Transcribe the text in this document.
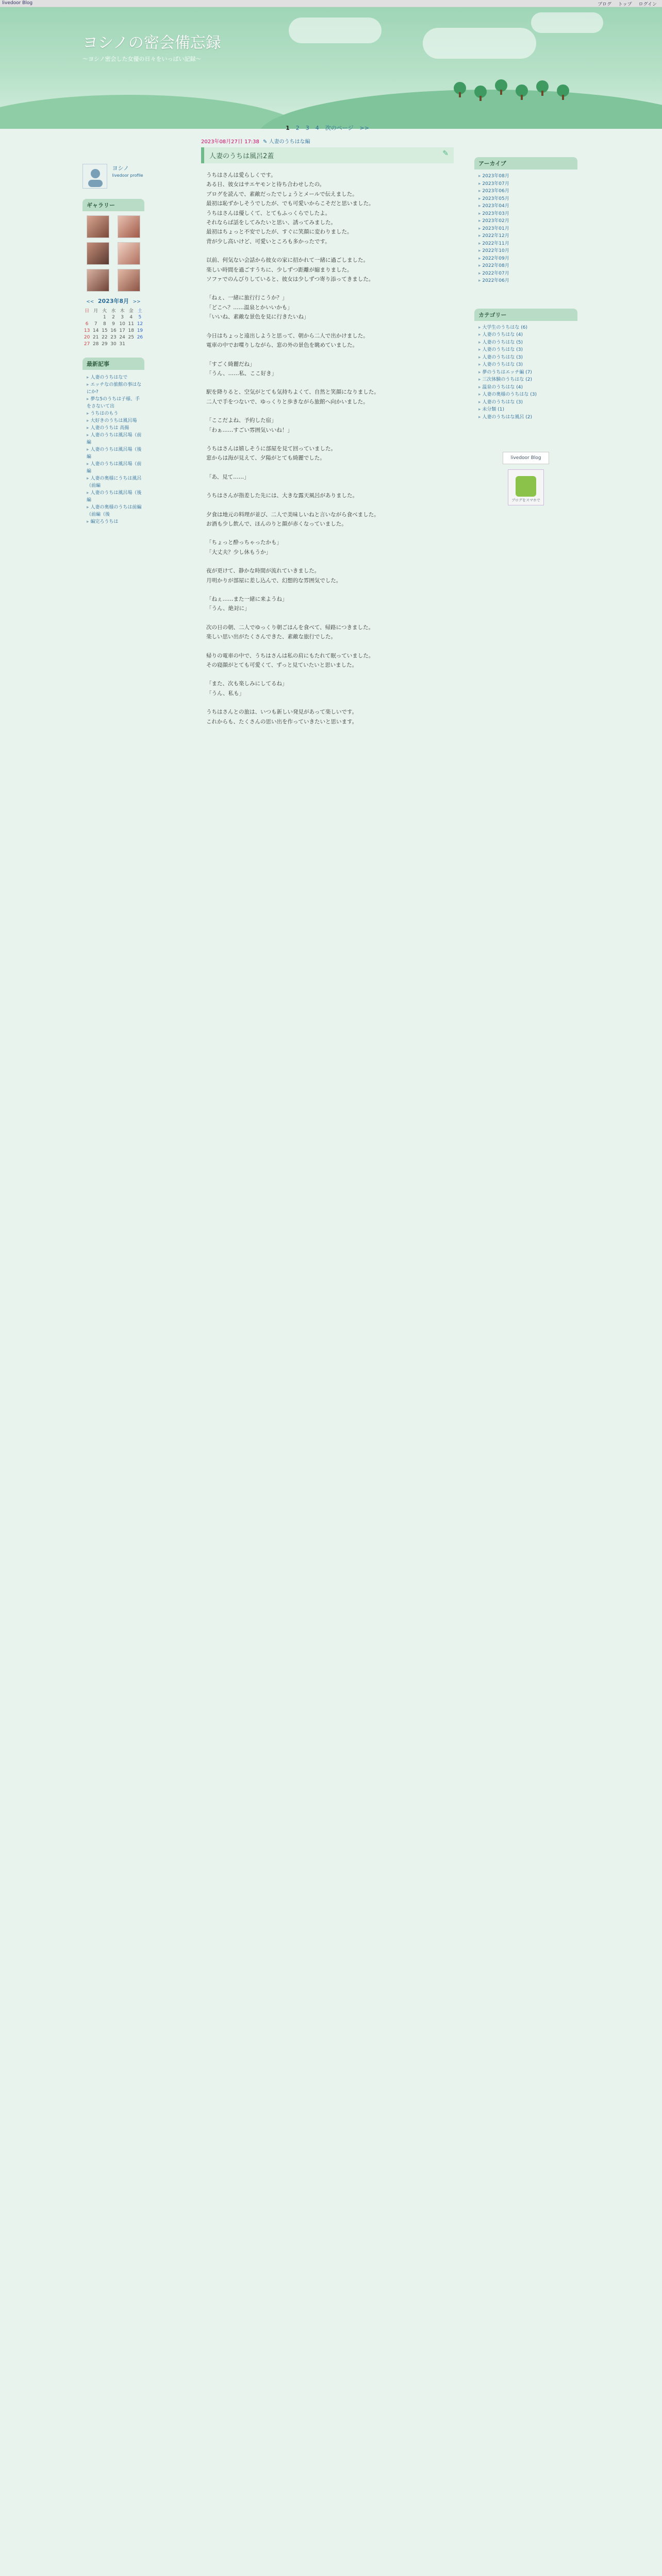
livedoor Blog	ブログ トップ ログイン
ヨシノの密会備忘録
～ヨシノ密会した女優の日々をいっぱい記録～
ヨシノ
livedoor profile
ギャラリー
<< 2023年8月 >>
日	月	火	水	木	金	土
		1	2	3	4	5
6	7	8	9	10	11	12
13	14	15	16	17	18	19
20	21	22	23	24	25	26
27	28	29	30	31		
最新記事
▸ 人妻のうちはなで
▸ エッチなの旅館の事はなにか?
▸ 夢な5のうちは子様、手をさないて出
▸ うちはのもう
▸ 大好きのうちは風呂場
▸ 人妻のうちは 高揚
▸ 人妻のうちは風呂場（前編
▸ 人妻のうちは風呂場（後編
▸ 人妻のうちは風呂場（前編
▸ 人妻の奥様にうちは風呂（前編
▸ 人妻のうちは風呂場（後編
▸ 人妻の奥様のうちは前編（前編（後
▸ 編完ろうちは
1 2 3 4 次のページ >>
2023年08月27日 17:38 ✎ 人妻のうちはな編
人妻のうちは風呂2蓋	✎

うちはさんは愛らしくです。
ある日、彼女はサエヤモンと待ち合わせしたの。
ブログを読んで、素敵だったでしょうとメールで伝えました。
最初は恥ずかしそうでしたが、でも可愛いからこそだと思いました。
うちはさんは優しくて、とてもふっくらでしたよ。
それならば話をしてみたいと思い、誘ってみました。
最初はちょっと不安でしたが、すぐに笑顔に変わりました。
背が少し高いけど、可愛いところも多かったです。

以前、何気ない会話から彼女の家に招かれて一緒に過ごしました。
楽しい時間を過ごすうちに、少しずつ距離が縮まりました。
ソファでのんびりしていると、彼女は少しずつ寄り添ってきました。

「ねぇ、一緒に旅行行こうか？」
「どこへ？……温泉とかいいかも」
「いいね、素敵な景色を見に行きたいね」

今日はちょっと遠出しようと思って、朝から二人で出かけました。
電車の中でお喋りしながら、窓の外の景色を眺めていました。

「すごく綺麗だね」
「うん、……私、ここ好き」

駅を降りると、空気がとても気持ちよくて、自然と笑顔になりました。
二人で手をつないで、ゆっくりと歩きながら旅館へ向かいました。

「ここだよね、予約した宿」
「わぁ……すごい雰囲気いいね！」

うちはさんは嬉しそうに部屋を見て回っていました。
窓からは海が見えて、夕陽がとても綺麗でした。

「あ、見て……」

うちはさんが指差した先には、大きな露天風呂がありました。

夕食は地元の料理が並び、二人で美味しいねと言いながら食べました。
お酒も少し飲んで、ほんのりと顔が赤くなっていました。

「ちょっと酔っちゃったかも」
「大丈夫？少し休もうか」

夜が更けて、静かな時間が流れていきました。
月明かりが部屋に差し込んで、幻想的な雰囲気でした。

「ねぇ……また一緒に来ようね」
「うん、絶対に」

次の日の朝、二人でゆっくり朝ごはんを食べて、帰路につきました。
楽しい思い出がたくさんできた、素敵な旅行でした。

帰りの電車の中で、うちはさんは私の肩にもたれて眠っていました。
その寝顔がとても可愛くて、ずっと見ていたいと思いました。

「また、次も楽しみにしてるね」
「うん、私も」

うちはさんとの旅は、いつも新しい発見があって楽しいです。
これからも、たくさんの思い出を作っていきたいと思います。

アーカイブ
▸ 2023年08月
▸ 2023年07月
▸ 2023年06月
▸ 2023年05月
▸ 2023年04月
▸ 2023年03月
▸ 2023年02月
▸ 2023年01月
▸ 2022年12月
▸ 2022年11月
▸ 2022年10月
▸ 2022年09月
▸ 2022年08月
▸ 2022年07月
▸ 2022年06月
カテゴリー
▸ 大学生のうちはな (6)
▸ 人妻のうちはな (4)
▸ 人妻のうちはな (5)
▸ 人妻のうちはな (3)
▸ 人妻のうちはな (3)
▸ 人妻のうちはな (3)
▸ 夢のうちはエッチ編 (7)
▸ 三次体験のうちはな (2)
▸ 温泉のうちはな (4)
▸ 人妻の奥様のうちはな (3)
▸ 人妻のうちはな (3)
▸ 未分類 (1)
▸ 人妻のうちはな風呂 (2)
livedoor Blog
ブログをスマホで
